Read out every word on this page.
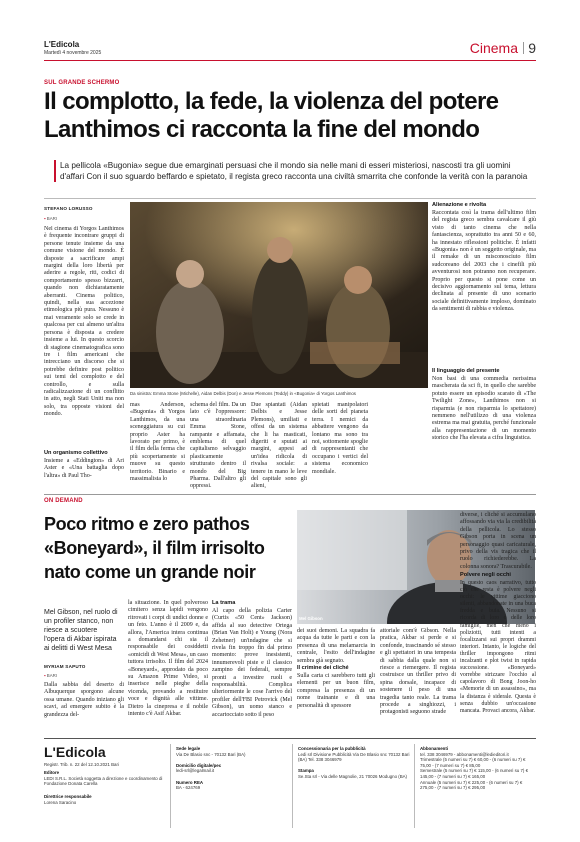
L'Edicola
Martedì 4 novembre 2025	Cinema 9
SUL GRANDE SCHERMO
Il complotto, la fede, la violenza del potere Lanthimos ci racconta la fine del mondo
La pellicola «Bugonia» segue due emarginati persuasi che il mondo sia nelle mani di esseri misteriosi, nascosti tra gli uomini d'affari Con il suo sguardo beffardo e spietato, il regista greco racconta una civiltà smarrita che confonde la verità con la paranoia
STEFANO LORUSSO
▪ BARI
Nel cinema di Yorgos Lanthimos è frequente incontrare gruppi di persone tenute insieme da una comune visione del mondo. È disposte a sacrificare ampi margini della loro libertà per aderire a regole, riti, codici di comportamento spesso bizzarri, quando non dichiaratamente aberranti. Cinema politico, quindi, nella sua accezione etimologica più pura. Nessuno è mai veramente solo se crede in qualcosa per cui almeno un'altra persona è disposta a credere insieme a lui. In questo scorcio di stagione cinematografica sono tre i film americani che intrecciano un discorso che si potrebbe definire post politico sui temi del complotto e del controllo, e sulla radicalizzazione di un conflitto in atto, negli Stati Uniti ma non solo, tra opposte visioni del mondo.
Un organismo collettivo
Insieme a «Eddington» di Ari Aster e «Una battaglia dopo l'altra» di Paul Tho-
Da sinistra: Emma Stone (Michelle), Aidan Delbis (Don) e Jesse Plemons (Teddy) in «Bugonia» di Yorgos Lanthimos
mas Anderson, «Bugonia» di Yorgos Lanthimos, da una sceneggiatura su cui proprio Aster ha lavorato per primo, è il film della ferma che più scopertamente si muove su questo territorio. Binario e massimalista lo
schema del film. Da un lato c'è l'oppressore: una straordinaria Emma Stone, rampante e affamata, emblema di quel capitalismo selvaggio plasticamente strutturato dentro il mondo del Big Pharma. Dall'altro gli oppressi.
Due spiantati (Aidan Delbis e Jesse Plemons), umiliati e offesi da un sistema che li ha masticati, digeriti e sputati ai margini, appesi ad un'idea ridicola di rivalsa sociale: a tenere in mano le leve del capitale sono gli alieni,
spietati manipolatori delle sorti del pianeta terra. I nemici da abbattere vengono da lontano ma sono tra noi, sottomente spoglie di rappresentanti che occupano i vertici del sistema economico mondiale.
Alienazione e rivolta
Raccontata così la trama dell'ultimo film del regista greco sembra cavalcare il giù visto di tanto cinema che nella fantascienza, soprattutto tra anni 50 e 60, ha innestato riflessioni politiche. È infatti «Bugonia» non è un soggetto originale, ma il remake di un misconosciuto film sudcoreano del 2003 che i cinefili più avventurosi non potranno non recuperare. Proprio per questo si pone come un decisivo aggiornamento sul tema, lettura declinata al presente di uno scenario sociale definitivamente imploso, dominato da sentimenti di rabbia e violenza.
Il linguaggio del presente
Non basi di una commedia nerissima mascherata da sci fi, in quello che sarebbe potuto essere un episodio scarato di «The Twilight Zone», Lanthimos non si risparmia (e non risparmia lo spettatore) nemmeno nell'utilizzo di una violenza estrema ma mai gratuita, perché funzionale alla rappresentazione di un momento storico che l'ha elevata a cifra linguistica.
ON DEMAND
Poco ritmo e zero pathos «Boneyard», il film irrisolto nato come un grande noir
Mel Gibson, nel ruolo di un profiler stanco, non riesce a scuotere l'opera di Akbar ispirata ai delitti di West Mesa
MYRIAM SAPUTO
▪ BARI
Dalla sabbia del deserto di Albuquerque sporgono alcune ossa umane. Quando iniziano gli scavi, ad emergere subito è la grandezza del-
la situazione. In quel polveroso cimitero senza lapidi vengono ritrovati i corpi di undici donne e un feto. L'anno è il 2009 e, da allora, l'America intera continua a domandarsi chi sia il responsabile dei cosiddetti «omicidi di West Mesa», un caso tuttora irrisolto. Il film del 2024 «Boneyard», approdato da poco su Amazon Prime Video, si inserisce nelle pieghe della vicenda, provando a restituire voce e dignità alle vittime. Dietro la cinepresa e il nobile intento c'è Asif Akbar.
La trama
Al capo della polizia Carter (Curtis «50 Cent» Jackson) affida al suo detective Ortega (Brian Van Holt) e Young (Nora Zehetner) un'indagine che si rivela fin troppo fin dal primo momento: prove inesistenti, innumerevoli piste e il classico zampino dei federali, sempre pronti a investire ruoli e responsabilità. Complica ulteriormente le cose l'arrivo del profiler dell'FBI Petrovick (Mel Gibson), un uomo stanco e accartocciato sotto il peso
Mel Gibson
dei suoi demoni. La squadra fa acqua da tutte le parti e con la presenza di una melamarcia in centrale, l'esito dell'indagine sembra già segnato.
Il crimine dei cliché
Sulla carta ci sarebbero tutti gli elementi per un buon film, compresa la presenza di un nome trainante e di una personalità di spessore
attoriale com'è Gibson. Nella pratica, Akbar si perde e si confonde, trascinando sé stesso e gli spettatori in una tempesta di sabbia dalla quale non si riesce a riemergere. Il regista costruisce un thriller privo di spina dorsale, incapace di sostenere il peso di una tragedia tanto reale. La trama procede a singhiozzi, i protagonisti seguono strade
diverse, i cliché si accumulano affossando via via la credibilità della pellicola. Lo stesso Gibson porta in scena un personaggio quasi caricaturale, privo della vis tragica che il ruolo richiederebbe. La colonna sonora? Trascurabile.
Polvere negli occhi
In questo caos narrativo, tutto ciò che resta è polvere negli occhi: le vittime giacciono silenti, abbandonate in una buca fredda e buia. Nessuno si ricorda di loro o delle loro famiglie, men che meno i poliziotti, tutti intenti a focalizzarsi sui propri drammi interiori. Intanto, le logiche del thriller impongono ritmi incalzanti e plot twist in rapida successione. «Boneyard» vorrebbe strizzare l'occhio al capolavoro di Bong Joon-ho «Memorie di un assassino», ma la distanza è siderale. Questa è senza dubbio un'occasione mancata. Provaci ancora, Akbar.
L'Edicola
Registr. Trib. n. 22 del 12.10.2021 Bari
Editore
LEDI S.R.L. Società soggetta a direzione e coordinamento di Fondazione Donata Carella
Direttrice responsabile
Lorena Saracino
Sede legale
Via De Blasio snc - 70132 Bari (BA)

Domicilio digitale/pec
ledi-srl@legalmail.it

Numero REA
BA - 624769
Concessionaria per la pubblicità
Ledi srl Divisione Pubblicità Via De Blasio snc 70132 Bari (BA) Tel. 338 3046979

Stampa
Se.Sta srl - Via delle Magnolie, 21 70026 Modugno (BA)
Abbonamenti
tel. 338 3046979 - abbonamenti@ledieditori.it
Trimestrale (5 numeri su 7) € 60,00 - (6 numeri su 7) € 75,00 - (7 numeri su 7) € 85,00
Semestrale (5 numeri su 7) € 115,00 - (6 numeri su 7) € 145,00 - (7 numeri su 7) € 165,00
Annuale (5 numeri su 7) € 225,00 - (6 numeri su 7) € 275,00 - (7 numeri su 7) € 295,00
